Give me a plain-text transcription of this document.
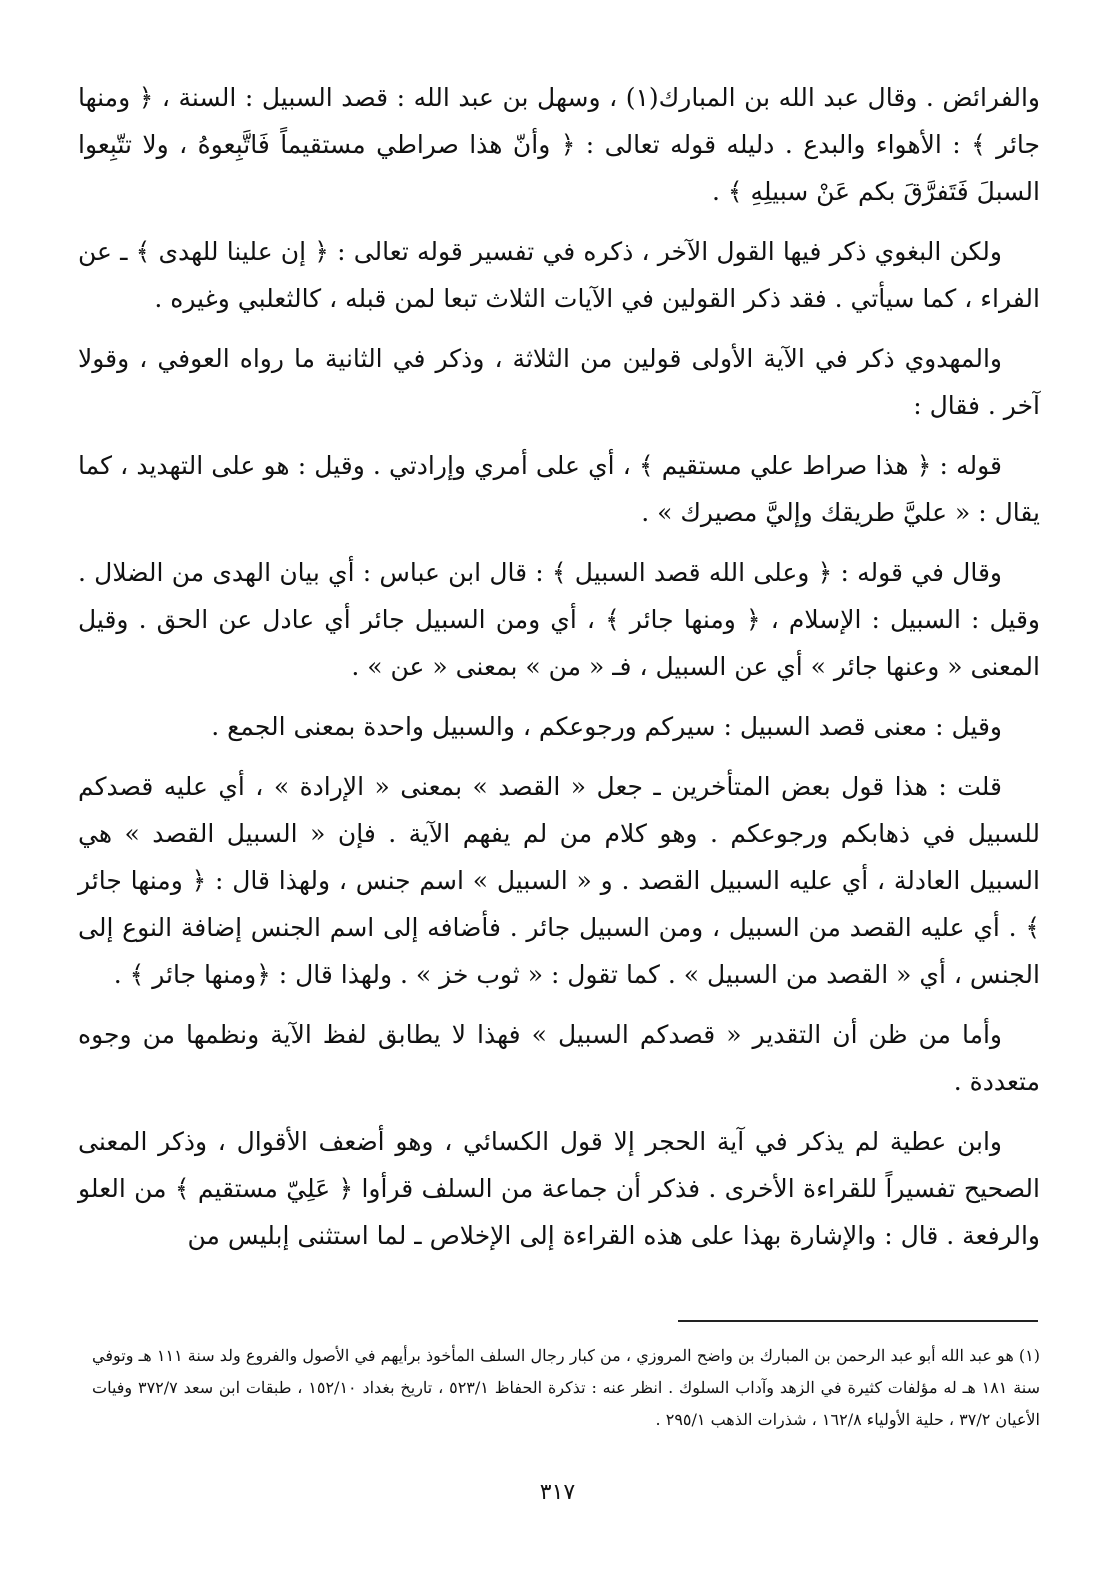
والفرائض . وقال عبد الله بن المبارك(١) ، وسهل بن عبد الله : قصد السبيل : السنة ، ﴿ ومنها جائر ﴾ : الأهواء والبدع . دليله قوله تعالى : ﴿ وأنّ هذا صراطي مستقيماً فَاتَّبِعوهُ ، ولا تتّبِعوا السبلَ فَتَفرَّقَ بكم عَنْ سبيلِهِ ﴾ .

ولكن البغوي ذكر فيها القول الآخر ، ذكره في تفسير قوله تعالى : ﴿ إن علينا للهدى ﴾ ـ عن الفراء ، كما سيأتي . فقد ذكر القولين في الآيات الثلاث تبعا لمن قبله ، كالثعلبي وغيره .

والمهدوي ذكر في الآية الأولى قولين من الثلاثة ، وذكر في الثانية ما رواه العوفي ، وقولا آخر . فقال :

قوله : ﴿ هذا صراط علي مستقيم ﴾ ، أي على أمري وإرادتي . وقيل : هو على التهديد ، كما يقال : « عليَّ طريقك وإليَّ مصيرك » .

وقال في قوله : ﴿ وعلى الله قصد السبيل ﴾ : قال ابن عباس : أي بيان الهدى من الضلال . وقيل : السبيل : الإسلام ، ﴿ ومنها جائر ﴾ ، أي ومن السبيل جائر أي عادل عن الحق . وقيل المعنى « وعنها جائر » أي عن السبيل ، فـ « من » بمعنى « عن » .

وقيل : معنى قصد السبيل : سيركم ورجوعكم ، والسبيل واحدة بمعنى الجمع .

قلت : هذا قول بعض المتأخرين ـ جعل « القصد » بمعنى « الإرادة » ، أي عليه قصدكم للسبيل في ذهابكم ورجوعكم . وهو كلام من لم يفهم الآية . فإن « السبيل القصد » هي السبيل العادلة ، أي عليه السبيل القصد . و « السبيل » اسم جنس ، ولهذا قال : ﴿ ومنها جائر ﴾ . أي عليه القصد من السبيل ، ومن السبيل جائر . فأضافه إلى اسم الجنس إضافة النوع إلى الجنس ، أي « القصد من السبيل » . كما تقول : « ثوب خز » . ولهذا قال : ﴿ومنها جائر ﴾ .

وأما من ظن أن التقدير « قصدكم السبيل » فهذا لا يطابق لفظ الآية ونظمها من وجوه متعددة .

وابن عطية لم يذكر في آية الحجر إلا قول الكسائي ، وهو أضعف الأقوال ، وذكر المعنى الصحيح تفسيراً للقراءة الأخرى . فذكر أن جماعة من السلف قرأوا ﴿ عَلِيّ مستقيم ﴾ من العلو والرفعة . قال : والإشارة بهذا على هذه القراءة إلى الإخلاص ـ لما استثنى إبليس من

(١) هو عبد الله أبو عبد الرحمن بن المبارك بن واضح المروزي ، من كبار رجال السلف المأخوذ برأيهم في الأصول والفروع ولد سنة ١١١ هـ وتوفي سنة ١٨١ هـ له مؤلفات كثيرة في الزهد وآداب السلوك . انظر عنه : تذكرة الحفاظ ٥٢٣/١ ، تاريخ بغداد ١٥٢/١٠ ، طبقات ابن سعد ٣٧٢/٧ وفيات الأعيان ٣٧/٢ ، حلية الأولياء ١٦٢/٨ ، شذرات الذهب ٢٩٥/١ .
٣١٧
